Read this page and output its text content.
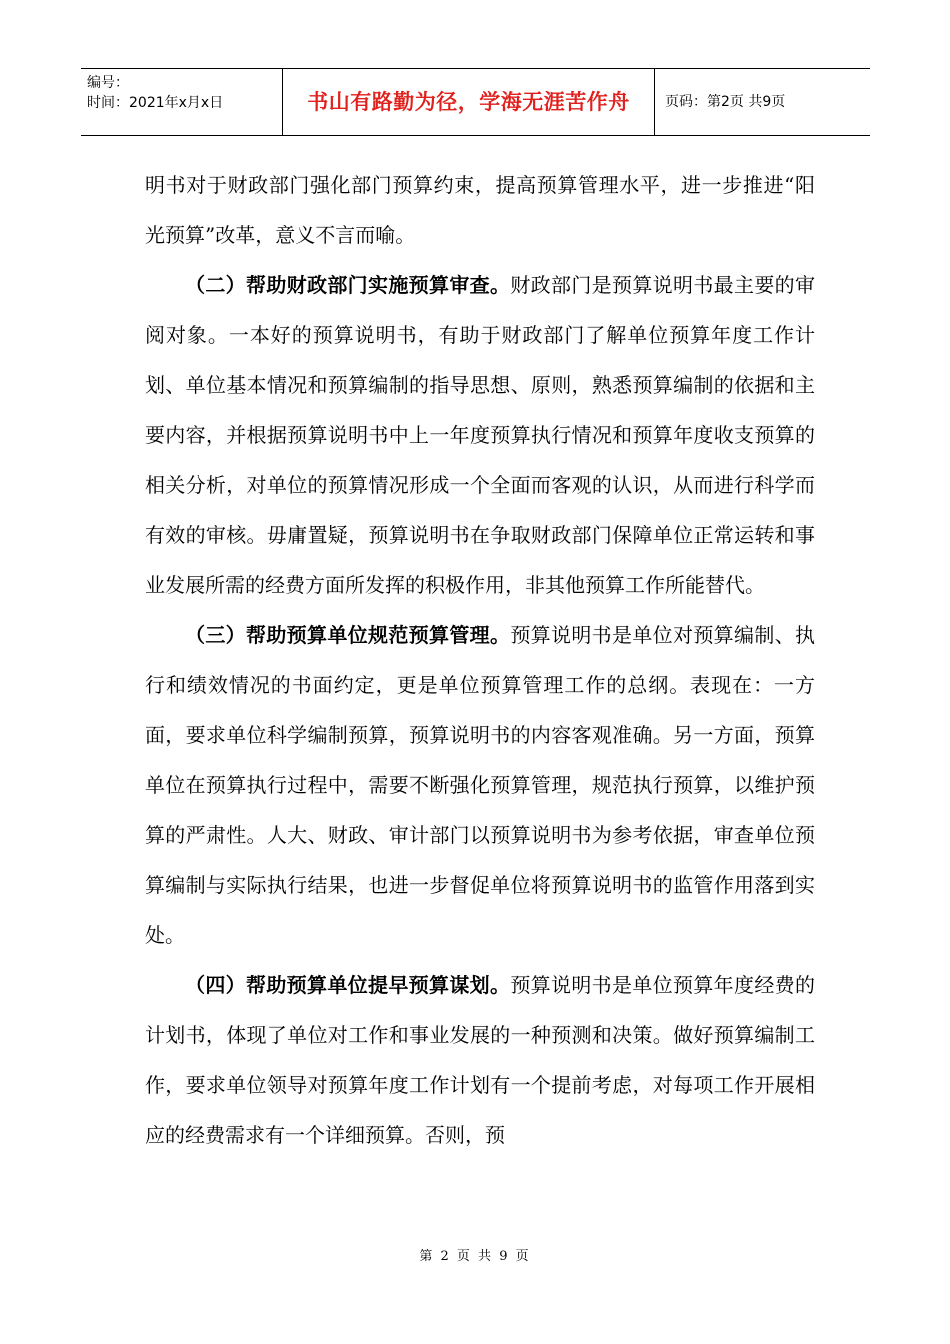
编号：
时间：2021年x月x日	书山有路勤为径，学海无涯苦作舟	页码：第2页 共9页

明书对于财政部门强化部门预算约束，提高预算管理水平，进一步推进“阳光预算”改革，意义不言而喻。

（二）帮助财政部门实施预算审查。财政部门是预算说明书最主要的审阅对象。一本好的预算说明书，有助于财政部门了解单位预算年度工作计划、单位基本情况和预算编制的指导思想、原则，熟悉预算编制的依据和主要内容，并根据预算说明书中上一年度预算执行情况和预算年度收支预算的相关分析，对单位的预算情况形成一个全面而客观的认识，从而进行科学而有效的审核。毋庸置疑，预算说明书在争取财政部门保障单位正常运转和事业发展所需的经费方面所发挥的积极作用，非其他预算工作所能替代。

（三）帮助预算单位规范预算管理。预算说明书是单位对预算编制、执行和绩效情况的书面约定，更是单位预算管理工作的总纲。表现在：一方面，要求单位科学编制预算，预算说明书的内容客观准确。另一方面，预算单位在预算执行过程中，需要不断强化预算管理，规范执行预算，以维护预算的严肃性。人大、财政、审计部门以预算说明书为参考依据，审查单位预算编制与实际执行结果，也进一步督促单位将预算说明书的监管作用落到实处。

（四）帮助预算单位提早预算谋划。预算说明书是单位预算年度经费的计划书，体现了单位对工作和事业发展的一种预测和决策。做好预算编制工作，要求单位领导对预算年度工作计划有一个提前考虑，对每项工作开展相应的经费需求有一个详细预算。否则，预

第 2 页 共 9 页
